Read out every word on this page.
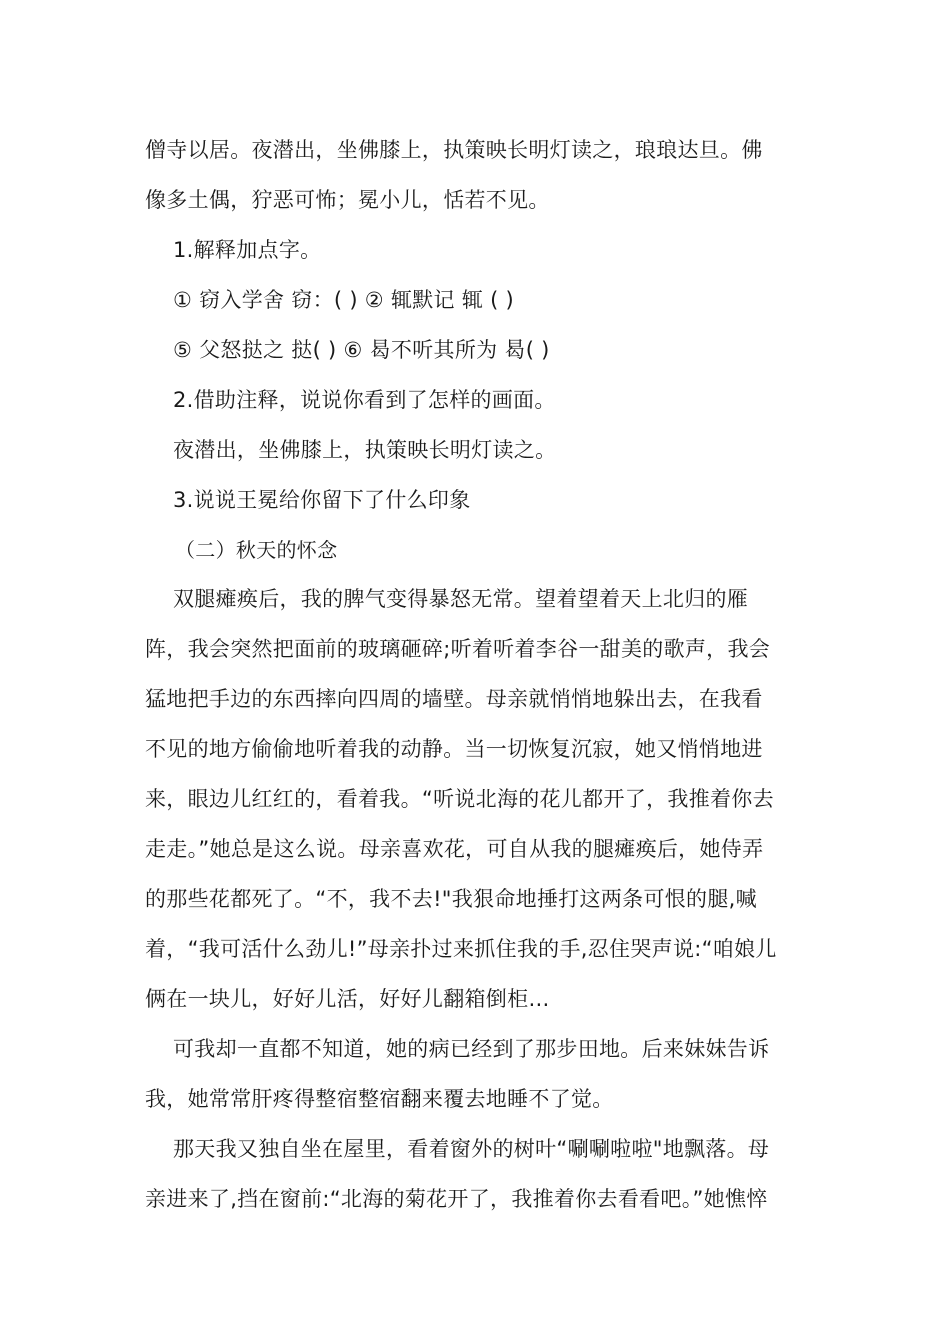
僧寺以居。夜潜出，坐佛膝上，执策映长明灯读之，琅琅达旦。佛

像多土偶，狞恶可怖；冕小儿，恬若不见。

1.解释加点字。

① 窃入学舍 窃：( ) ② 辄默记 辄 ( )

⑤ 父怒挞之 挞( ) ⑥ 曷不听其所为 曷( )

2.借助注释，说说你看到了怎样的画面。

夜潜出，坐佛膝上，执策映长明灯读之。

3.说说王冕给你留下了什么印象

（二）秋天的怀念

双腿瘫痪后，我的脾气变得暴怒无常。望着望着天上北归的雁

阵，我会突然把面前的玻璃砸碎;听着听着李谷一甜美的歌声，我会

猛地把手边的东西摔向四周的墙壁。母亲就悄悄地躲出去，在我看

不见的地方偷偷地听着我的动静。当一切恢复沉寂，她又悄悄地进

来，眼边儿红红的，看着我。“听说北海的花儿都开了，我推着你去

走走。”她总是这么说。母亲喜欢花，可自从我的腿瘫痪后，她侍弄

的那些花都死了。“不，我不去!"我狠命地捶打这两条可恨的腿,喊

着，“我可活什么劲儿!”母亲扑过来抓住我的手,忍住哭声说:“咱娘儿

俩在一块儿，好好儿活，好好儿翻箱倒柜…

可我却一直都不知道，她的病已经到了那步田地。后来妹妹告诉

我，她常常肝疼得整宿整宿翻来覆去地睡不了觉。

那天我又独自坐在屋里，看着窗外的树叶“唰唰啦啦"地飘落。母

亲进来了,挡在窗前:“北海的菊花开了，我推着你去看看吧。”她憔悴
